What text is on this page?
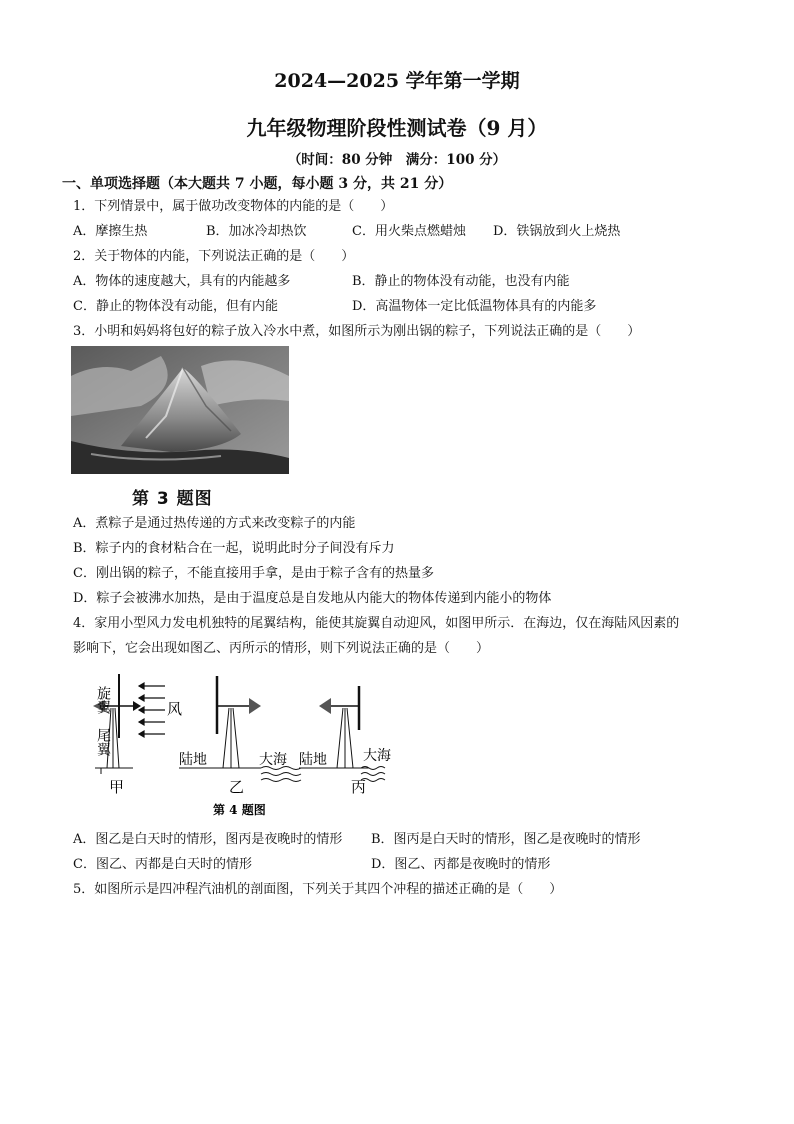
2024—2025 学年第一学期
九年级物理阶段性测试卷（9 月）
（时间：80 分钟　满分：100 分）
一、单项选择题（本大题共 7 小题，每小题 3 分，共 21 分）
1．下列情景中，属于做功改变物体的内能的是（　　）
A．摩擦生热	B．加冰冷却热饮	C．用火柴点燃蜡烛 D．铁锅放到火上烧热
2．关于物体的内能，下列说法正确的是（　　）
A．物体的速度越大，具有的内能越多	B．静止的物体没有动能，也没有内能
C．静止的物体没有动能，但有内能	D．高温物体一定比低温物体具有的内能多
3．小明和妈妈将包好的粽子放入冷水中煮，如图所示为刚出锅的粽子，下列说法正确的是（　　）
第 3 题图
A．煮粽子是通过热传递的方式来改变粽子的内能
B．粽子内的食材粘合在一起，说明此时分子间没有斥力
C．刚出锅的粽子，不能直接用手拿，是由于粽子含有的热量多
D．粽子会被沸水加热，是由于温度总是自发地从内能大的物体传递到内能小的物体
4．家用小型风力发电机独特的尾翼结构，能使其旋翼自动迎风，如图甲所示．在海边，仅在海陆风因素的
影响下，它会出现如图乙、丙所示的情形，则下列说法正确的是（　　）
旋翼
尾翼
风
甲
陆地	大海
乙
陆地	大海
丙
第 4 题图
A．图乙是白天时的情形，图丙是夜晚时的情形 B．图丙是白天时的情形，图乙是夜晚时的情形
C．图乙、丙都是白天时的情形	D．图乙、丙都是夜晚时的情形
5．如图所示是四冲程汽油机的剖面图，下列关于其四个冲程的描述正确的是（　　）
